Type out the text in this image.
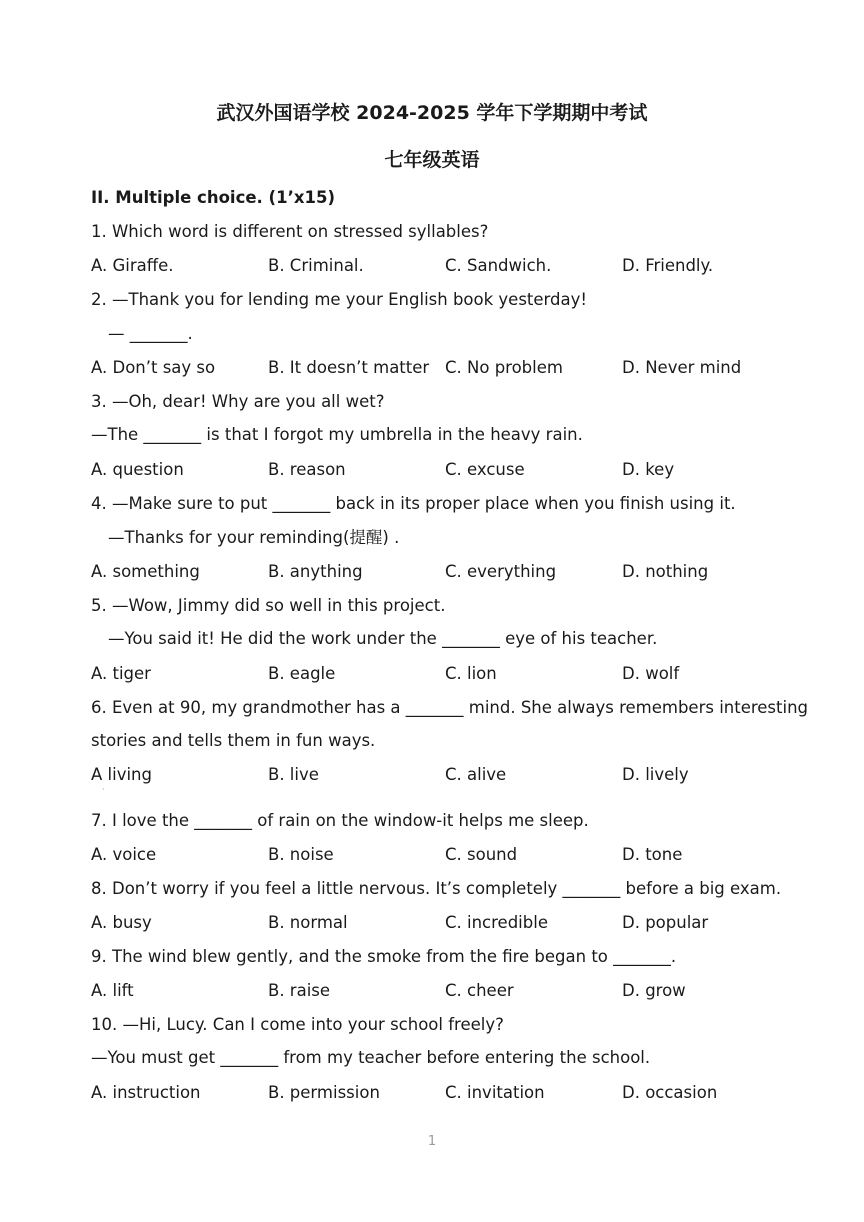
武汉外国语学校 2024-2025 学年下学期期中考试
七年级英语
II. Multiple choice. (1’x15)
1. Which word is different on stressed syllables?
A. Giraffe.	B. Criminal.	C. Sandwich.	D. Friendly.
2. —Thank you for lending me your English book yesterday!
— _______.
A. Don’t say so	B. It doesn’t matter C. No problem	D. Never mind
3. —Oh, dear! Why are you all wet?
—The _______ is that I forgot my umbrella in the heavy rain.
A. question	B. reason	C. excuse	D. key
4. —Make sure to put _______ back in its proper place when you finish using it.
—Thanks for your reminding(提醒) .
A. something	B. anything	C. everything	D. nothing
5. —Wow, Jimmy did so well in this project.
—You said it! He did the work under the _______ eye of his teacher.
A. tiger	B. eagle	C. lion	D. wolf
6. Even at 90, my grandmother has a _______ mind. She always remembers interesting
stories and tells them in fun ways.
A living	B. live	C. alive	D. lively
·
7. I love the _______ of rain on the window-it helps me sleep.
A. voice	B. noise	C. sound	D. tone
8. Don’t worry if you feel a little nervous. It’s completely _______ before a big exam.
A. busy	B. normal	C. incredible	D. popular
9. The wind blew gently, and the smoke from the fire began to _______.
A. lift	B. raise	C. cheer	D. grow
10. —Hi, Lucy. Can I come into your school freely?
—You must get _______ from my teacher before entering the school.
A. instruction	B. permission	C. invitation	D. occasion
1
